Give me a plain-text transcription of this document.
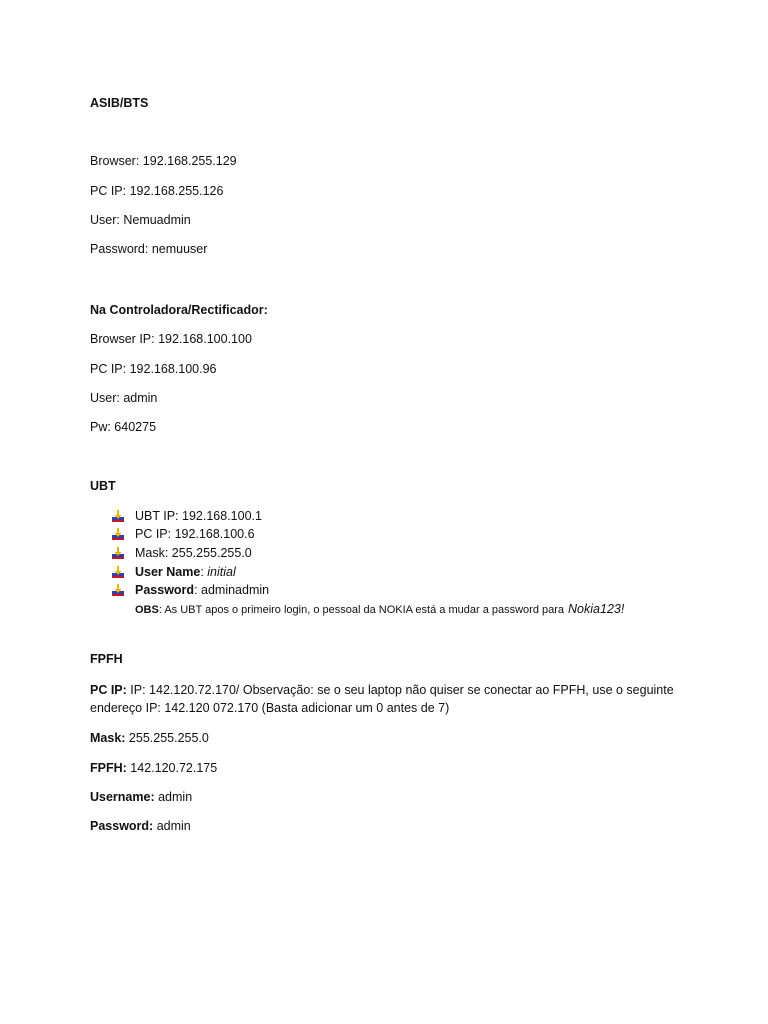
ASIB/BTS

Browser: 192.168.255.129

PC IP: 192.168.255.126

User: Nemuadmin

Password: nemuuser

Na Controladora/Rectificador:

Browser IP: 192.168.100.100

PC IP: 192.168.100.96

User: admin

Pw: 640275

UBT

UBT IP: 192.168.100.1
PC IP: 192.168.100.6
Mask: 255.255.255.0
User Name: initial
Password: adminadmin
OBS: As UBT apos o primeiro login, o pessoal da NOKIA está a mudar a password para Nokia123!

FPFH

PC IP: IP: 142.120.72.170/ Observação: se o seu laptop não quiser se conectar ao FPFH, use o seguinte endereço IP: 142.120 072.170 (Basta adicionar um 0 antes de 7)

Mask: 255.255.255.0

FPFH: 142.120.72.175

Username: admin

Password: admin
